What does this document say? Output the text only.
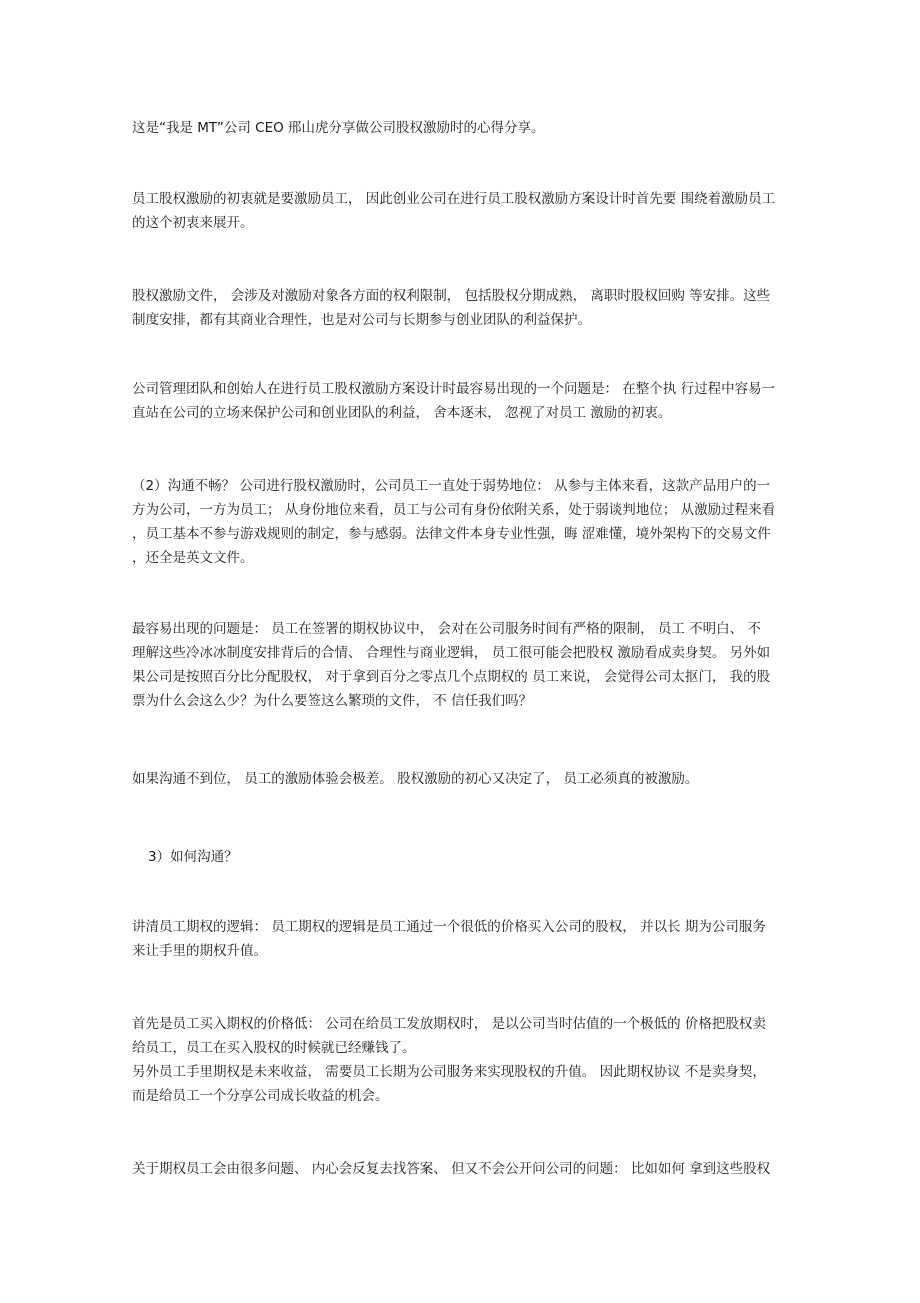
这是“我是 MT”公司 CEO 邢山虎分享做公司股权激励时的心得分享。
员工股权激励的初衷就是要激励员工， 因此创业公司在进行员工股权激励方案设计时首先要 围绕着激励员工
的这个初衷来展开。
股权激励文件， 会涉及对激励对象各方面的权利限制， 包括股权分期成熟， 离职时股权回购 等安排。这些
制度安排，都有其商业合理性，也是对公司与长期参与创业团队的利益保护。
公司管理团队和创始人在进行员工股权激励方案设计时最容易出现的一个问题是： 在整个执 行过程中容易一
直站在公司的立场来保护公司和创业团队的利益， 舍本逐末， 忽视了对员工 激励的初衷。
（2）沟通不畅？ 公司进行股权激励时，公司员工一直处于弱势地位： 从参与主体来看，这款产品用户的一
方为公司，一方为员工； 从身份地位来看，员工与公司有身份依附关系，处于弱谈判地位； 从激励过程来看
，员工基本不参与游戏规则的制定，参与感弱。法律文件本身专业性强，晦 涩难懂，境外架构下的交易文件
，还全是英文文件。
最容易出现的问题是： 员工在签署的期权协议中， 会对在公司服务时间有严格的限制， 员工 不明白、 不
理解这些冷冰冰制度安排背后的合情、 合理性与商业逻辑， 员工很可能会把股权 激励看成卖身契。 另外如
果公司是按照百分比分配股权， 对于拿到百分之零点几个点期权的 员工来说， 会觉得公司太抠门， 我的股
票为什么会这么少？为什么要签这么繁琐的文件， 不 信任我们吗？
如果沟通不到位， 员工的激励体验会极差。 股权激励的初心又决定了， 员工必须真的被激励。
3）如何沟通？
讲清员工期权的逻辑： 员工期权的逻辑是员工通过一个很低的价格买入公司的股权， 并以长 期为公司服务
来让手里的期权升值。
首先是员工买入期权的价格低： 公司在给员工发放期权时， 是以公司当时估值的一个极低的 价格把股权卖
给员工，员工在买入股权的时候就已经赚钱了。
另外员工手里期权是未来收益， 需要员工长期为公司服务来实现股权的升值。 因此期权协议 不是卖身契，
而是给员工一个分享公司成长收益的机会。
关于期权员工会由很多问题、 内心会反复去找答案、 但又不会公开问公司的问题： 比如如何 拿到这些股权
